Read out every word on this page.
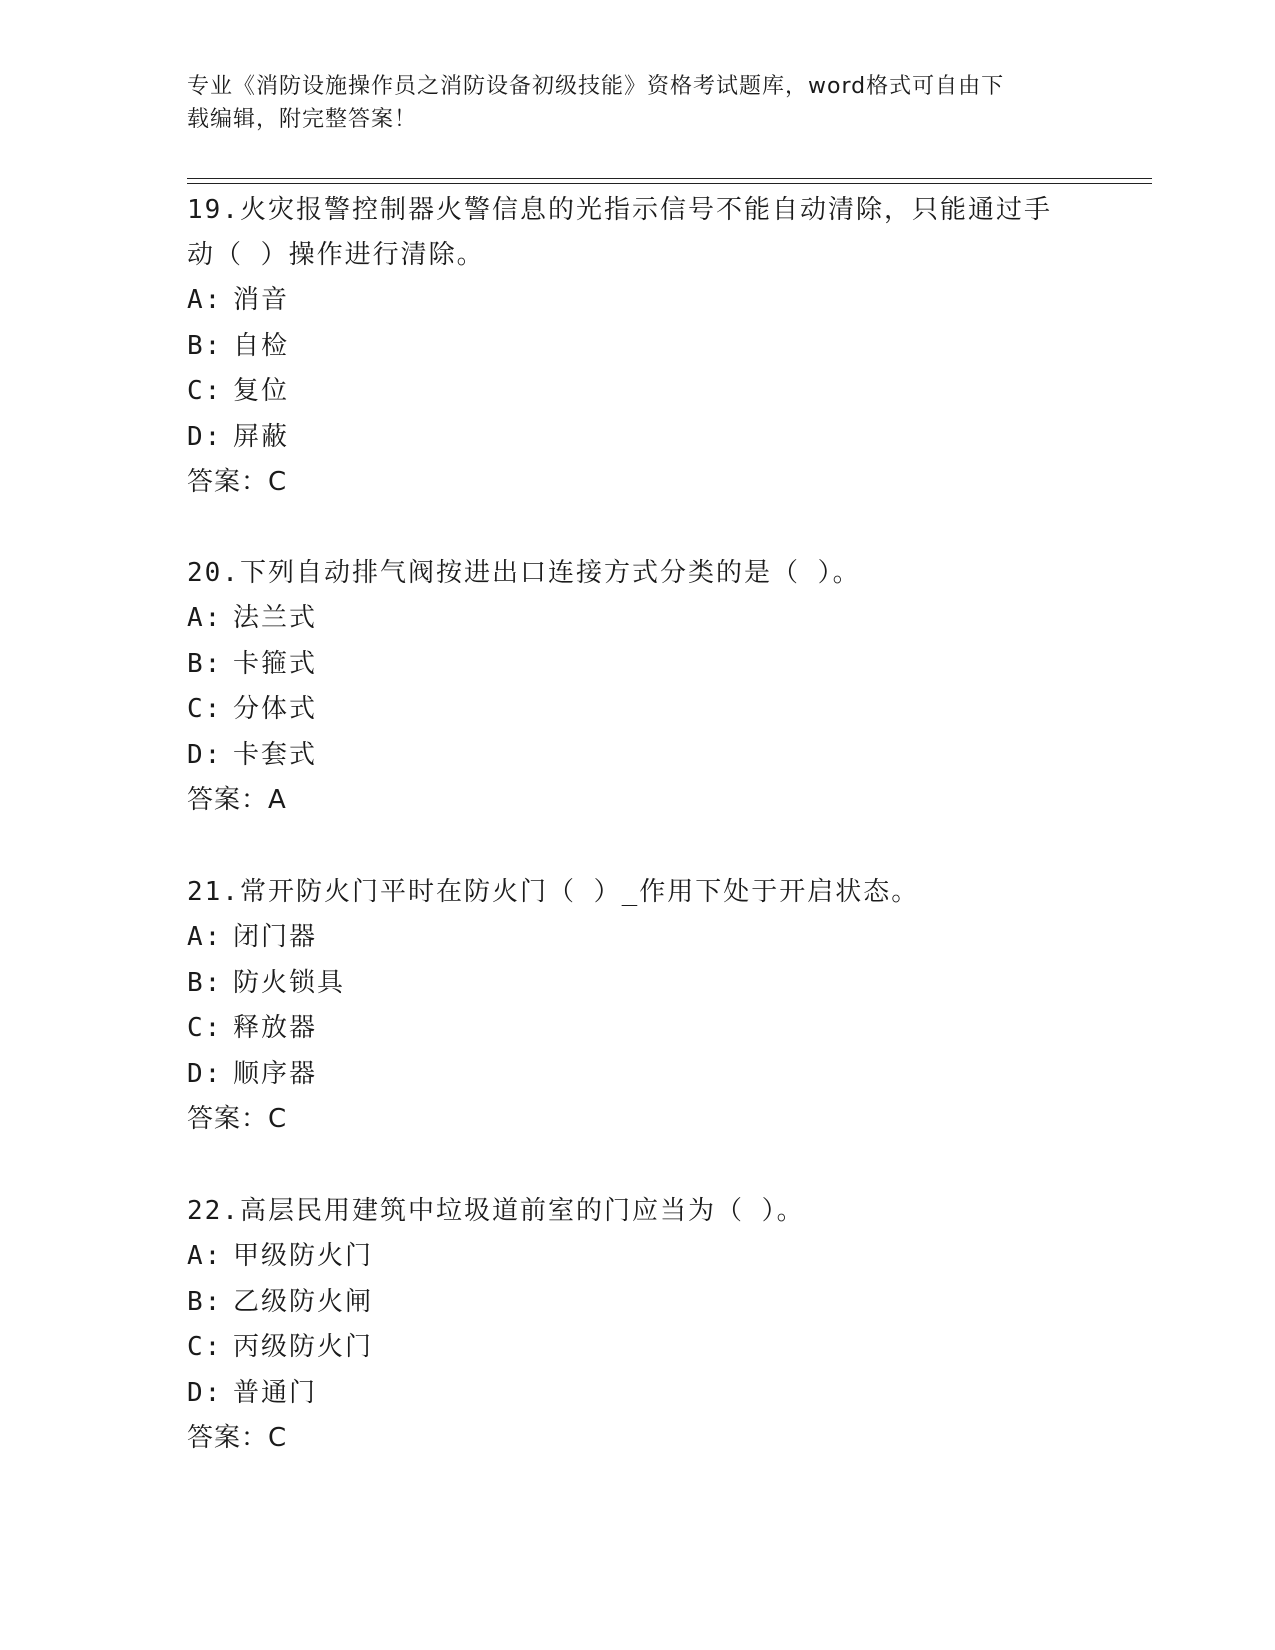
专业《消防设施操作员之消防设备初级技能》资格考试题库，word格式可自由下
载编辑，附完整答案！

19.火灾报警控制器火警信息的光指示信号不能自动清除，只能通过手
动（ ）操作进行清除。

A: 消音
B: 自检
C: 复位
D: 屏蔽
答案：C

20.下列自动排气阀按进出口连接方式分类的是（ ）。

A: 法兰式
B: 卡箍式
C: 分体式
D: 卡套式
答案：A

21.常开防火门平时在防火门（ ）_作用下处于开启状态。

A: 闭门器
B: 防火锁具
C: 释放器
D: 顺序器
答案：C

22.高层民用建筑中垃圾道前室的门应当为（ ）。

A: 甲级防火门
B: 乙级防火闸
C: 丙级防火门
D: 普通门
答案：C
